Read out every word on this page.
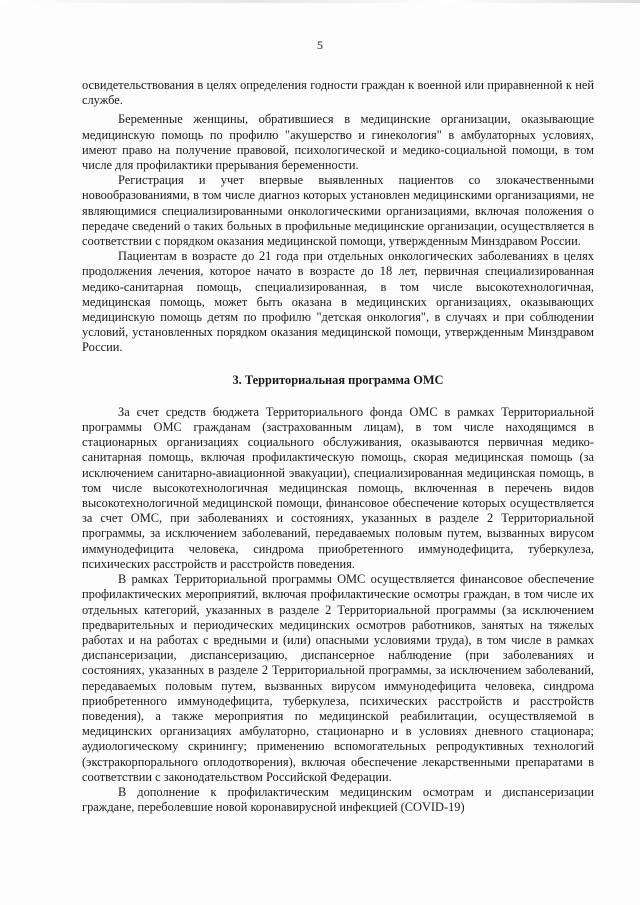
5

освидетельствования в целях определения годности граждан к военной или приравненной к ней службе.

Беременные женщины, обратившиеся в медицинские организации, оказывающие медицинскую помощь по профилю "акушерство и гинекология" в амбулаторных условиях, имеют право на получение правовой, психологической и медико-социальной помощи, в том числе для профилактики прерывания беременности.

Регистрация и учет впервые выявленных пациентов со злокачественными новообразованиями, в том числе диагноз которых установлен медицинскими организациями, не являющимися специализированными онкологическими организациями, включая положения о передаче сведений о таких больных в профильные медицинские организации, осуществляется в соответствии с порядком оказания медицинской помощи, утвержденным Минздравом России.

Пациентам в возрасте до 21 года при отдельных онкологических заболеваниях в целях продолжения лечения, которое начато в возрасте до 18 лет, первичная специализированная медико-санитарная помощь, специализированная, в том числе высокотехнологичная, медицинская помощь, может быть оказана в медицинских организациях, оказывающих медицинскую помощь детям по профилю "детская онкология", в случаях и при соблюдении условий, установленных порядком оказания медицинской помощи, утвержденным Минздравом России.

3. Территориальная программа ОМС

За счет средств бюджета Территориального фонда ОМС в рамках Территориальной программы ОМС гражданам (застрахованным лицам), в том числе находящимся в стационарных организациях социального обслуживания, оказываются первичная медико-санитарная помощь, включая профилактическую помощь, скорая медицинская помощь (за исключением санитарно-авиационной эвакуации), специализированная медицинская помощь, в том числе высокотехнологичная медицинская помощь, включенная в перечень видов высокотехнологичной медицинской помощи, финансовое обеспечение которых осуществляется за счет ОМС, при заболеваниях и состояниях, указанных в разделе 2 Территориальной программы, за исключением заболеваний, передаваемых половым путем, вызванных вирусом иммунодефицита человека, синдрома приобретенного иммунодефицита, туберкулеза, психических расстройств и расстройств поведения.

В рамках Территориальной программы ОМС осуществляется финансовое обеспечение профилактических мероприятий, включая профилактические осмотры граждан, в том числе их отдельных категорий, указанных в разделе 2 Территориальной программы (за исключением предварительных и периодических медицинских осмотров работников, занятых на тяжелых работах и на работах с вредными и (или) опасными условиями труда), в том числе в рамках диспансеризации, диспансеризацию, диспансерное наблюдение (при заболеваниях и состояниях, указанных в разделе 2 Территориальной программы, за исключением заболеваний, передаваемых половым путем, вызванных вирусом иммунодефицита человека, синдрома приобретенного иммунодефицита, туберкулеза, психических расстройств и расстройств поведения), а также мероприятия по медицинской реабилитации, осуществляемой в медицинских организациях амбулаторно, стационарно и в условиях дневного стационара; аудиологическому скринингу; применению вспомогательных репродуктивных технологий (экстракорпорального оплодотворения), включая обеспечение лекарственными препаратами в соответствии с законодательством Российской Федерации.

В дополнение к профилактическим медицинским осмотрам и диспансеризации граждане, переболевшие новой коронавирусной инфекцией (COVID-19)
